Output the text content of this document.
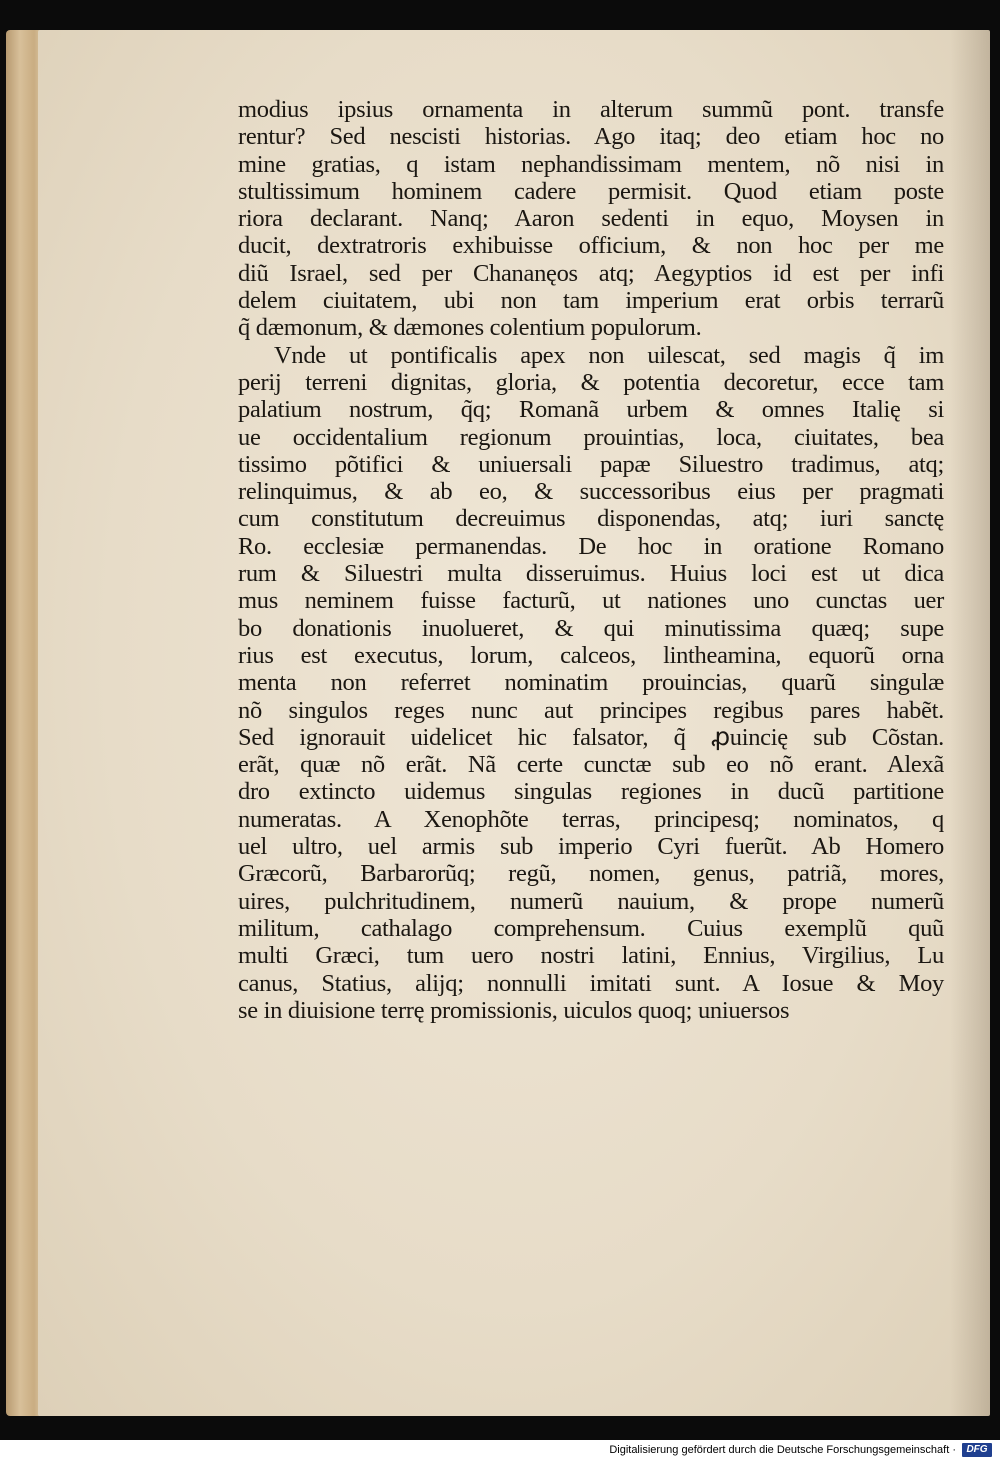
modius ipsius ornamenta in alterum summũ pont. transfe
rentur? Sed nescisti historias. Ago itaq; deo etiam hoc no
mine gratias, q istam nephandissimam mentem, nõ nisi in
stultissimum hominem cadere permisit. Quod etiam poste
riora declarant. Nanq; Aaron sedenti in equo, Moysen in
ducit, dextratroris exhibuisse officium, & non hoc per me
diũ Israel, sed per Chananęos atq; Aegyptios id est per infi
delem ciuitatem, ubi non tam imperium erat orbis terrarũ
q̃ dæmonum, & dæmones colentium populorum.
Vnde ut pontificalis apex non uilescat, sed magis q̃ im
perij terreni dignitas, gloria, & potentia decoretur, ecce tam
palatium nostrum, q̃q; Romanã urbem & omnes Italię si
ue occidentalium regionum prouintias, loca, ciuitates, bea
tissimo põtifici & uniuersali papæ Siluestro tradimus, atq;
relinquimus, & ab eo, & successoribus eius per pragmati
cum constitutum decreuimus disponendas, atq; iuri sanctę
Ro. ecclesiæ permanendas. De hoc in oratione Romano
rum & Siluestri multa disseruimus. Huius loci est ut dica
mus neminem fuisse facturũ, ut nationes uno cunctas uer
bo donationis inuolueret, & qui minutissima quæq; supe
rius est executus, lorum, calceos, lintheamina, equorũ orna
menta non referret nominatim prouincias, quarũ singulæ
nõ singulos reges nunc aut principes regibus pares habẽt.
Sed ignorauit uidelicet hic falsator, q̃ ꝓuincię sub Cõstan.
erãt, quæ nõ erãt. Nã certe cunctæ sub eo nõ erant. Alexã
dro extincto uidemus singulas regiones in ducũ partitione
numeratas. A Xenophõte terras, principesq; nominatos, q
uel ultro, uel armis sub imperio Cyri fuerũt. Ab Homero
Græcorũ, Barbarorũq; regũ, nomen, genus, patriã, mores,
uires, pulchritudinem, numerũ nauium, & prope numerũ
militum, cathalago comprehensum. Cuius exemplũ quũ
multi Græci, tum uero nostri latini, Ennius, Virgilius, Lu
canus, Statius, alijq; nonnulli imitati sunt. A Iosue & Moy
se in diuisione terrę promissionis, uiculos quoq; uniuersos
Digitalisierung gefördert durch die Deutsche Forschungsgemeinschaft ·	DFG
